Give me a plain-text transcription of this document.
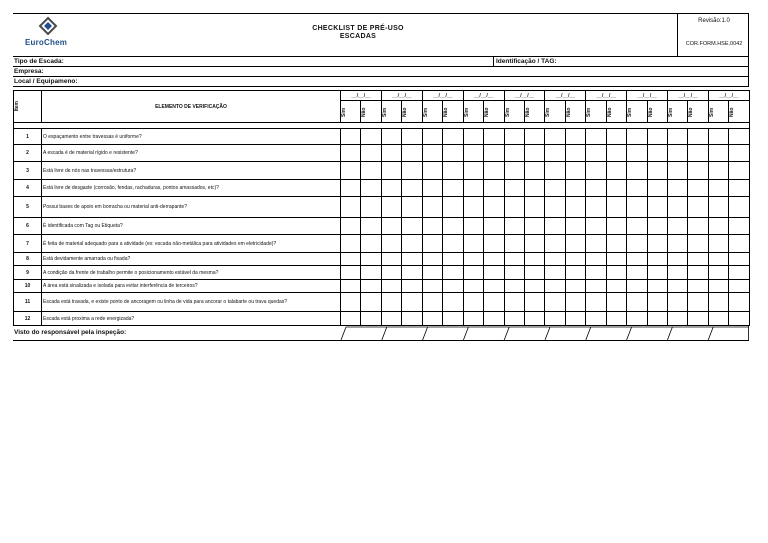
EuroChem
CHECKLIST DE PRÉ-USO
ESCADAS
Revisão:1.0
COR.FORM.HSE.0042
Tipo de Escada:	Identificação / TAG:
Empresa:
Local / Equipameno:
Item	ELEMENTO DE VERIFICAÇÃO	__/__/__		__/__/__		__/__/__		__/__/__		__/__/__		__/__/__		__/__/__		__/__/__		__/__/__		__/__/__	

		Sim	Não	Sim	Não	Sim	Não	Sim	Não	Sim	Não	Sim	Não	Sim	Não	Sim	Não	Sim	Não	Sim	Não

1	O espaçamento entre travessas é uniforme?																				
2	A escada é de material rígido e resistente?																				
3	Está livre de nós nas travessas/estrutura?																				
4	Está livre de desgaste (corrosão, fendas, rachaduras, pontos amassados, etc)?																				
5	Possui bases de apoio em borracha ou material anti-derrapante?																				
6	É identificada com Tag ou Etiqueta?																				
7	É feita de material adequado para a atividade (ex: escada não-metálica para atividades em eletricidade)?																				
8	Está devidamente amarrada ou fixada?																				
9	A condição da frente de trabalho permite o posicionamento estável da mesma?																				
10	A área está sinalizada e isolada para evitar interferência de terceiros?																				
11	Escada está travada, e existe ponto de ancoragem ou linha de vida para ancorar o talabarte ou trava quedas?																				
12	Escada está proxima a rede energizada?																				
Visto do responsável pela inspeção:
